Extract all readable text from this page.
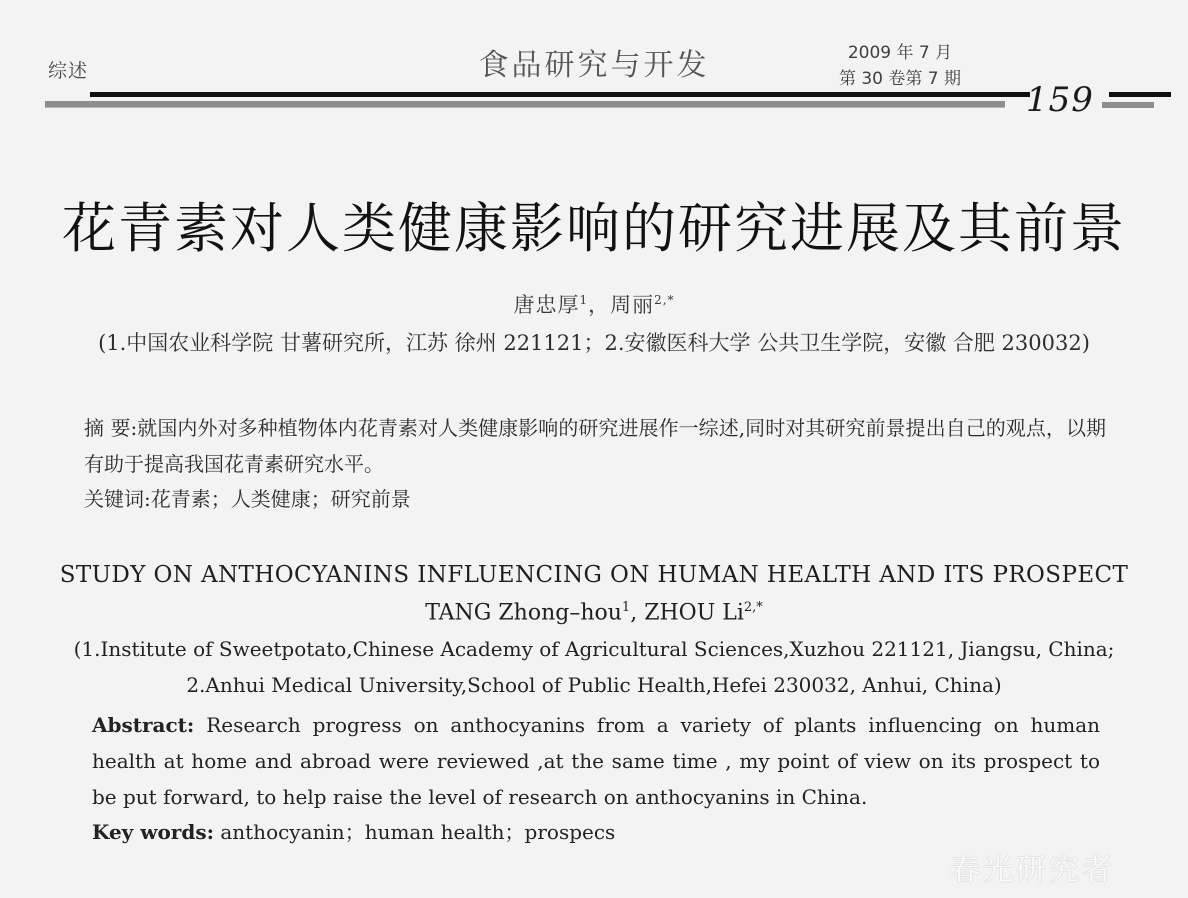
综述	食品研究与开发	2009 年 7 月
第 30 卷第 7 期
159
花青素对人类健康影响的研究进展及其前景
唐忠厚$^1$，周丽$^{2,*}$
(1.中国农业科学院 甘薯研究所，江苏 徐州 221121；2.安徽医科大学 公共卫生学院，安徽 合肥 230032)
摘 要:就国内外对多种植物体内花青素对人类健康影响的研究进展作一综述,同时对其研究前景提出自己的观点，以期有助于提高我国花青素研究水平。
关键词:花青素；人类健康；研究前景
STUDY ON ANTHOCYANINS INFLUENCING ON HUMAN HEALTH AND ITS PROSPECT
TANG Zhong–hou$^1$, ZHOU $Li^{2,*}$
(1.Institute of Sweetpotato,Chinese Academy of Agricultural Sciences,Xuzhou 221121, Jiangsu, China;
2.Anhui Medical University,School of Public Health,Hefei 230032, Anhui, China)
Abstract: Research progress on anthocyanins from a variety of plants influencing on human health at home and abroad were reviewed ,at the same time , my point of view on its prospect to be put forward, to help raise the level of research on anthocyanins in China.
Key words: anthocyanin；human health；prospecs
春光研究者
